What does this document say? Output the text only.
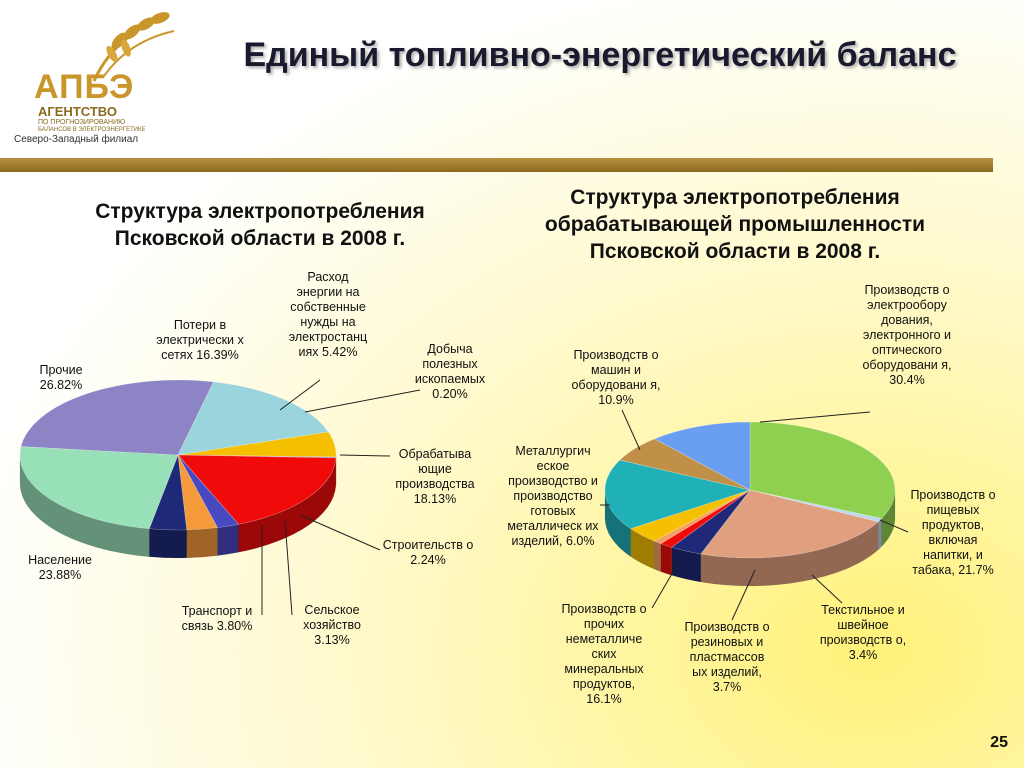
АПБЭ
АГЕНТСТВО
ПО ПРОГНОЗИРОВАНИЮ
БАЛАНСОВ В ЭЛЕКТРОЭНЕРГЕТИКЕ
Северо-Западный филиал
Единый топливно-энергетический баланс
Структура электропотребления Псковской области в 2008 г.
Структура электропотребления обрабатывающей промышленности Псковской области в 2008 г.
Расход энергии на собственные нужды на электростанц иях 5.42%	Добыча полезных ископаемых 0.20%
Обрабатыва ющие производства 18.13%
Строительств о 2.24%
Сельское хозяйство 3.13%
Транспорт и связь 3.80%
Население 23.88%
Прочие 26.82%
Потери в электрически х сетях 16.39%
Производств о электрообору дования, электронного и оптического оборудовани я, 30.4%
Производств о пищевых продуктов, включая напитки, и табака, 21.7%
Текстильное и швейное производств о, 3.4%
Производств о резиновых и пластмассов ых изделий, 3.7%
Производств о прочих неметалличе ских минеральных продуктов, 16.1%
Металлургич еское производство и производство готовых металлическ их изделий, 6.0%
Производств о машин и оборудовани я, 10.9%
25
